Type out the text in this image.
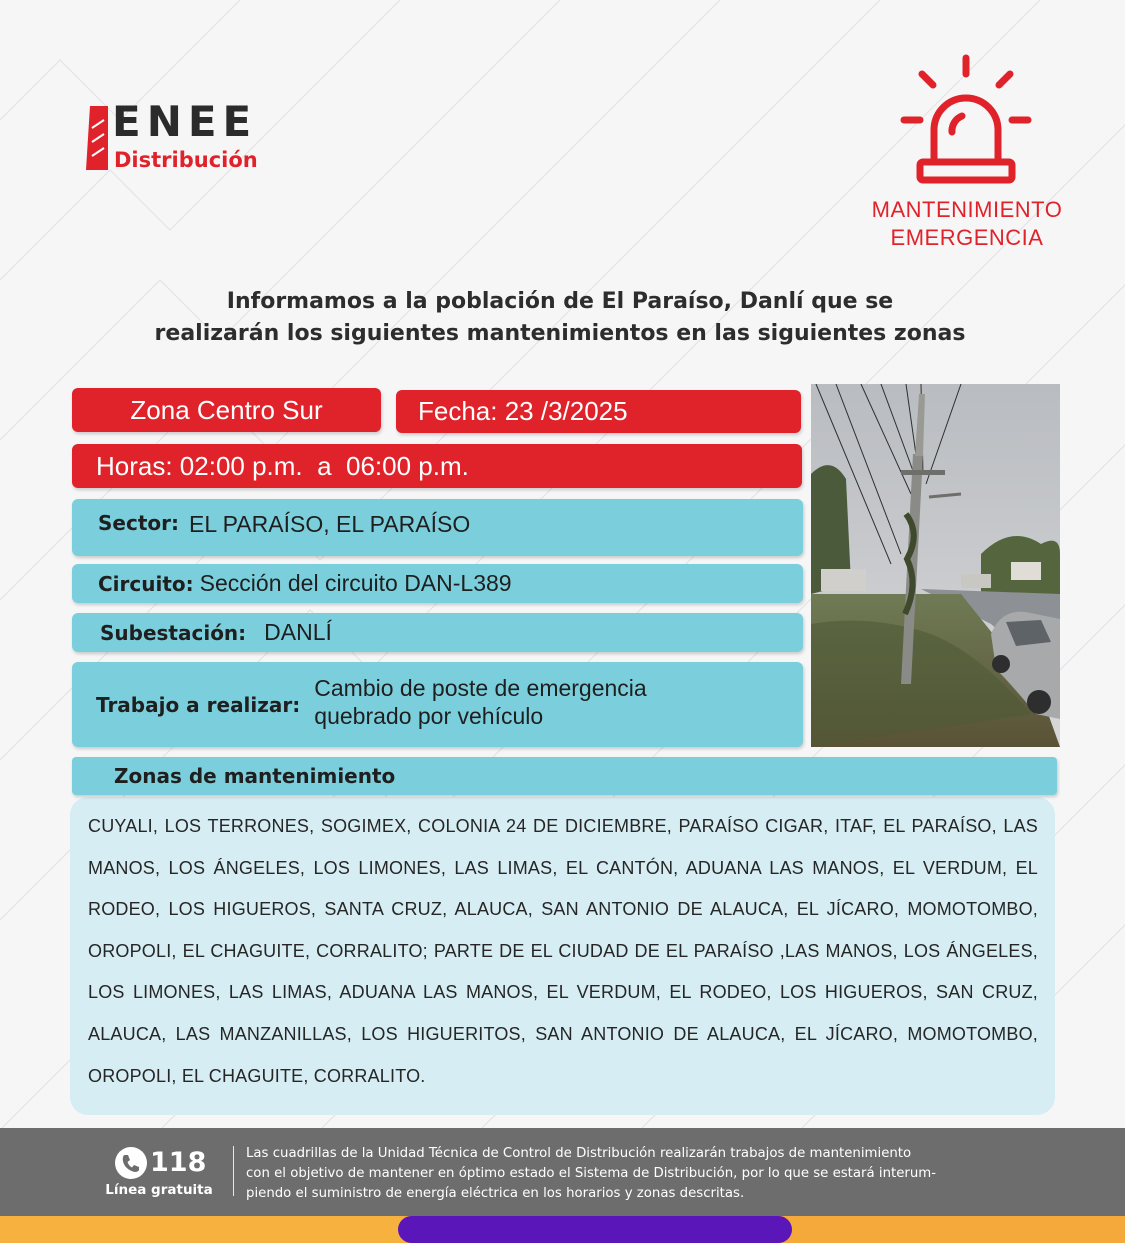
ENEE
Distribución
MANTENIMIENTO
EMERGENCIA
Informamos a la población de El Paraíso, Danlí que se
realizarán los siguientes mantenimientos en las siguientes zonas
Zona Centro Sur	Fecha: 23 /3/2025
Horas: 02:00 p.m.  a  06:00 p.m.
Sector: EL PARAÍSO, EL PARAÍSO
Circuito: Sección del circuito DAN-L389
Subestación: DANLÍ
Trabajo a realizar:
Cambio de poste de emergencia
quebrado por vehículo
Zonas de mantenimiento
CUYALI, LOS TERRONES, SOGIMEX, COLONIA 24 DE DICIEMBRE, PARAÍSO CIGAR, ITAF, EL PARAÍSO, LAS MANOS, LOS ÁNGELES, LOS LIMONES, LAS LIMAS, EL CANTÓN, ADUANA LAS MANOS, EL VERDUM, EL RODEO, LOS HIGUEROS, SANTA CRUZ, ALAUCA, SAN ANTONIO DE ALAUCA, EL JÍCARO, MOMOTOMBO, OROPOLI, EL CHAGUITE, CORRALITO; PARTE DE EL CIUDAD DE EL PARAÍSO ,LAS MANOS, LOS ÁNGELES, LOS LIMONES, LAS LIMAS, ADUANA LAS MANOS, EL VERDUM, EL RODEO, LOS HIGUEROS, SAN CRUZ, ALAUCA, LAS MANZANILLAS, LOS HIGUERITOS, SAN ANTONIO DE ALAUCA, EL JÍCARO, MOMOTOMBO, OROPOLI, EL CHAGUITE, CORRALITO.
118
Línea gratuita
Las cuadrillas de la Unidad Técnica de Control de Distribución realizarán trabajos de mantenimiento
con el objetivo de mantener en óptimo estado el Sistema de Distribución, por lo que se estará interum-
piendo el suministro de energía eléctrica en los horarios y zonas descritas.
